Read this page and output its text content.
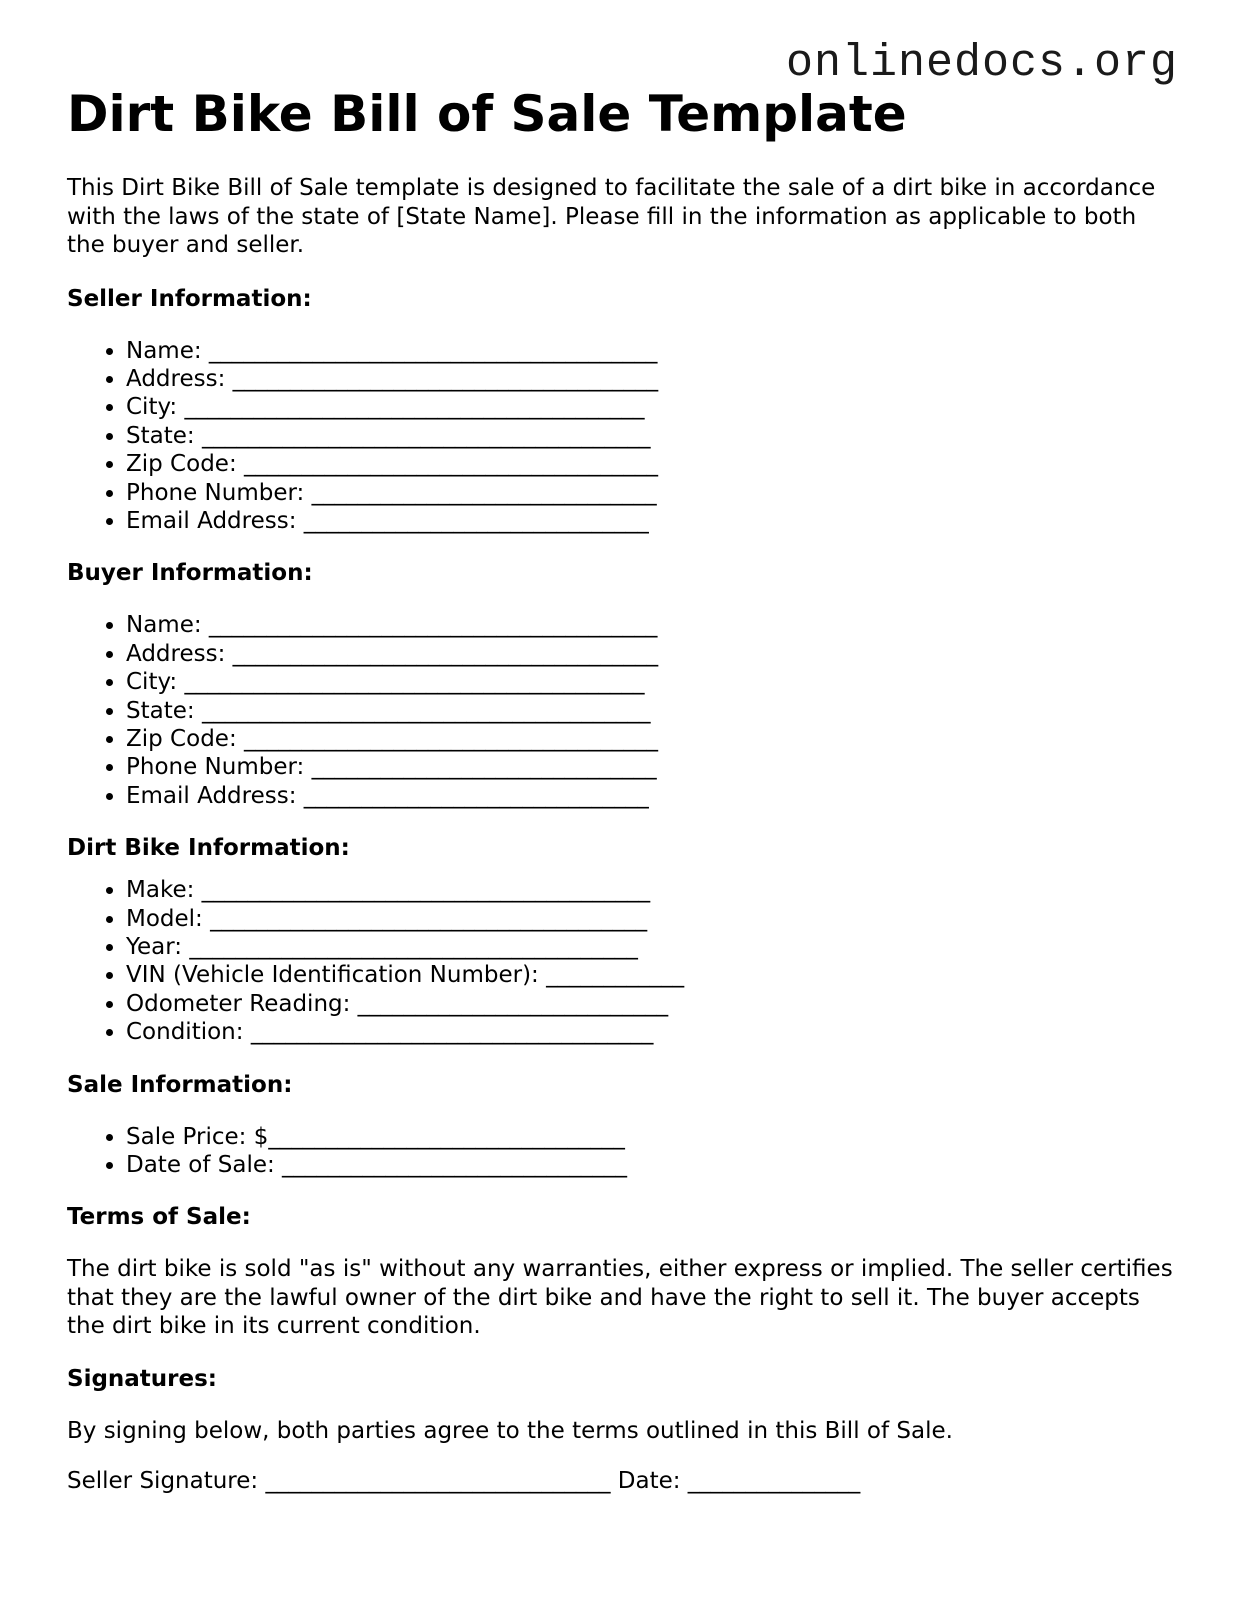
onlinedocs.org
Dirt Bike Bill of Sale Template

This Dirt Bike Bill of Sale template is designed to facilitate the sale of a dirt bike in accordance with the laws of the state of [State Name]. Please fill in the information as applicable to both the buyer and seller.

Seller Information:
• Name: _______________________________________
• Address: _____________________________________
• City: ________________________________________
• State: _______________________________________
• Zip Code: ____________________________________
• Phone Number: ______________________________
• Email Address: ______________________________
Buyer Information:
• Name: _______________________________________
• Address: _____________________________________
• City: ________________________________________
• State: _______________________________________
• Zip Code: ____________________________________
• Phone Number: ______________________________
• Email Address: ______________________________
Dirt Bike Information:
• Make: _______________________________________
• Model: ______________________________________
• Year: _______________________________________
• VIN (Vehicle Identification Number): ____________
• Odometer Reading: ___________________________
• Condition: ___________________________________
Sale Information:
• Sale Price: $_______________________________
• Date of Sale: ______________________________
Terms of Sale:

The dirt bike is sold "as is" without any warranties, either express or implied. The seller certifies that they are the lawful owner of the dirt bike and have the right to sell it. The buyer accepts the dirt bike in its current condition.

Signatures:

By signing below, both parties agree to the terms outlined in this Bill of Sale.

Seller Signature: ______________________________ Date: _______________
